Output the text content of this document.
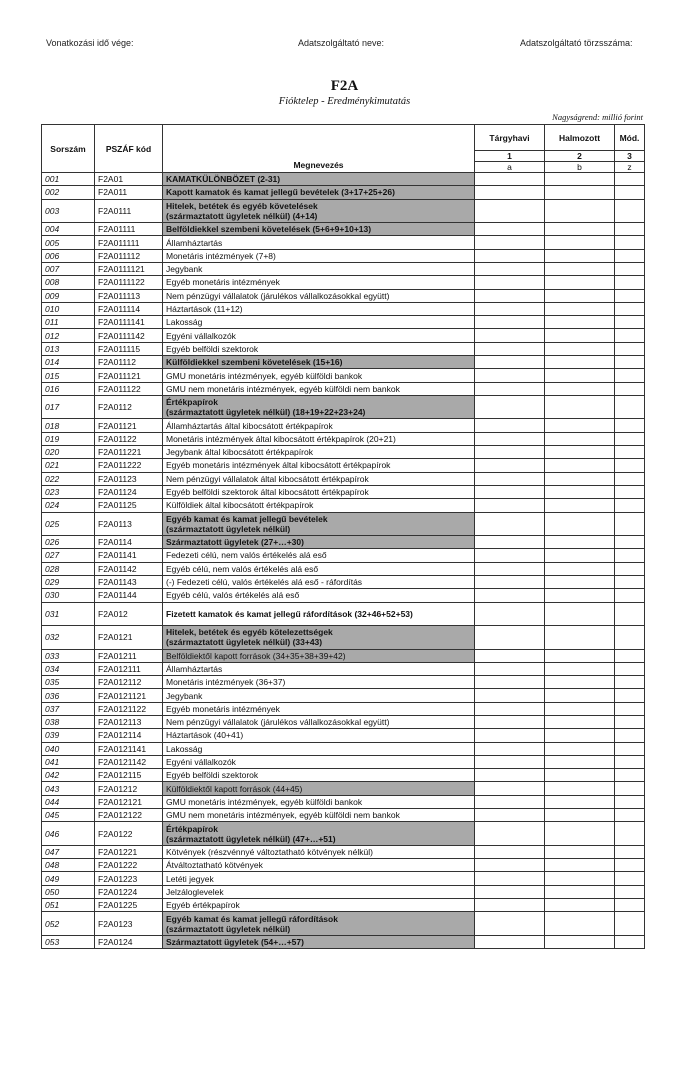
Vonatkozási idő vége:	Adatszolgáltató neve:	Adatszolgáltató törzsszáma:
F2A
Fióktelep - Eredménykimutatás
Nagyságrend: millió forint
Sorszám	PSZÁF kód	Megnevezés	Tárgyhavi	Halmozott	Mód.
			1	2	3
			a	b	z
001	F2A01	KAMATKÜLÖNBÖZET (2-31)			
002	F2A011	Kapott kamatok és kamat jellegű bevételek (3+17+25+26)			
003	F2A0111	Hitelek, betétek és egyéb követelések
(származtatott ügyletek nélkül) (4+14)			

004	F2A01111	Belföldiekkel szembeni követelések (5+6+9+10+13)			
005	F2A011111	Államháztartás			
006	F2A011112	Monetáris intézmények (7+8)			
007	F2A0111121	Jegybank			
008	F2A0111122	Egyéb monetáris intézmények			
009	F2A011113	Nem pénzügyi vállalatok (járulékos vállalkozásokkal együtt)			
010	F2A011114	Háztartások (11+12)			
011	F2A0111141	Lakosság			
012	F2A0111142	Egyéni vállalkozók			
013	F2A011115	Egyéb belföldi szektorok			
014	F2A01112	Külföldiekkel szembeni követelések (15+16)			
015	F2A011121	GMU monetáris intézmények, egyéb külföldi bankok			
016	F2A011122	GMU nem monetáris intézmények, egyéb külföldi nem bankok			
017	F2A0112	Értékpapírok
(származtatott ügyletek nélkül) (18+19+22+23+24)			

018	F2A01121	Államháztartás által kibocsátott értékpapírok			
019	F2A01122	Monetáris intézmények által kibocsátott értékpapírok (20+21)			
020	F2A011221	Jegybank által kibocsátott értékpapírok			
021	F2A011222	Egyéb monetáris intézmények által kibocsátott értékpapírok			
022	F2A01123	Nem pénzügyi vállalatok által kibocsátott értékpapírok			
023	F2A01124	Egyéb belföldi szektorok által kibocsátott értékpapírok			
024	F2A01125	Külföldiek által kibocsátott értékpapírok			
025	F2A0113	Egyéb kamat és kamat jellegű bevételek
(származtatott ügyletek nélkül)			

026	F2A0114	Származtatott ügyletek (27+…+30)			
027	F2A01141	Fedezeti célú, nem valós értékelés alá eső			
028	F2A01142	Egyéb célú, nem valós értékelés alá eső			
029	F2A01143	(-) Fedezeti célú, valós értékelés alá eső - ráfordítás			
030	F2A01144	Egyéb célú, valós értékelés alá eső			
031	F2A012	Fizetett kamatok és kamat jellegű ráfordítások (32+46+52+53)			
032	F2A0121	Hitelek, betétek és egyéb kötelezettségek
(származtatott ügyletek nélkül) (33+43)			

033	F2A01211	Belföldiektől kapott források (34+35+38+39+42)			
034	F2A012111	Államháztartás			
035	F2A012112	Monetáris intézmények (36+37)			
036	F2A0121121	Jegybank			
037	F2A0121122	Egyéb monetáris intézmények			
038	F2A012113	Nem pénzügyi vállalatok (járulékos vállalkozásokkal együtt)			
039	F2A012114	Háztartások (40+41)			
040	F2A0121141	Lakosság			
041	F2A0121142	Egyéni vállalkozók			
042	F2A012115	Egyéb belföldi szektorok			
043	F2A01212	Külföldiektől kapott források (44+45)			
044	F2A012121	GMU monetáris intézmények, egyéb külföldi bankok			
045	F2A012122	GMU nem monetáris intézmények, egyéb külföldi nem bankok			
046	F2A0122	Értékpapírok
(származtatott ügyletek nélkül) (47+…+51)			

047	F2A01221	Kötvények (részvénnyé változtatható kötvények nélkül)			
048	F2A01222	Átváltoztatható kötvények			
049	F2A01223	Letéti jegyek			
050	F2A01224	Jelzáloglevelek			
051	F2A01225	Egyéb értékpapírok			
052	F2A0123	Egyéb kamat és kamat jellegű ráfordítások
(származtatott ügyletek nélkül)			

053	F2A0124	Származtatott ügyletek (54+…+57)			
